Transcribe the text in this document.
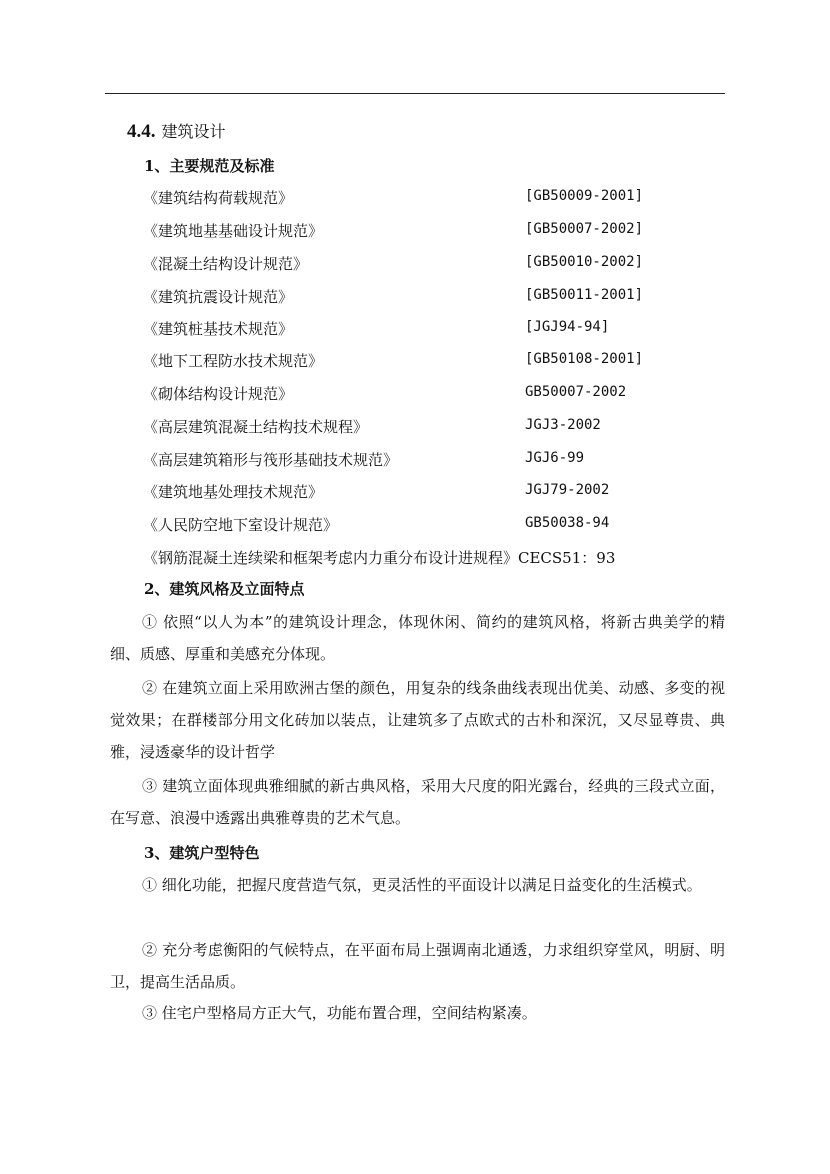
4.4. 建筑设计
1、主要规范及标准
《建筑结构荷载规范》	[GB50009-2001]
《建筑地基基础设计规范》	[GB50007-2002]
《混凝土结构设计规范》	[GB50010-2002]
《建筑抗震设计规范》	[GB50011-2001]
《建筑桩基技术规范》	[JGJ94-94]
《地下工程防水技术规范》	[GB50108-2001]
《砌体结构设计规范》	GB50007-2002
《高层建筑混凝土结构技术规程》	JGJ3-2002
《高层建筑箱形与筏形基础技术规范》	JGJ6-99
《建筑地基处理技术规范》	JGJ79-2002
《人民防空地下室设计规范》	GB50038-94
《钢筋混凝土连续梁和框架考虑内力重分布设计进规程》CECS51：93
2、建筑风格及立面特点
① 依照“以人为本”的建筑设计理念，体现休闲、简约的建筑风格，将新古典美学的精细、质感、厚重和美感充分体现。
② 在建筑立面上采用欧洲古堡的颜色，用复杂的线条曲线表现出优美、动感、多变的视觉效果；在群楼部分用文化砖加以装点，让建筑多了点欧式的古朴和深沉，又尽显尊贵、典雅，浸透豪华的设计哲学
③ 建筑立面体现典雅细腻的新古典风格，采用大尺度的阳光露台，经典的三段式立面，在写意、浪漫中透露出典雅尊贵的艺术气息。
3、建筑户型特色
① 细化功能，把握尺度营造气氛，更灵活性的平面设计以满足日益变化的生活模式。
② 充分考虑衡阳的气候特点，在平面布局上强调南北通透，力求组织穿堂风，明厨、明卫，提高生活品质。
③ 住宅户型格局方正大气，功能布置合理，空间结构紧凑。
